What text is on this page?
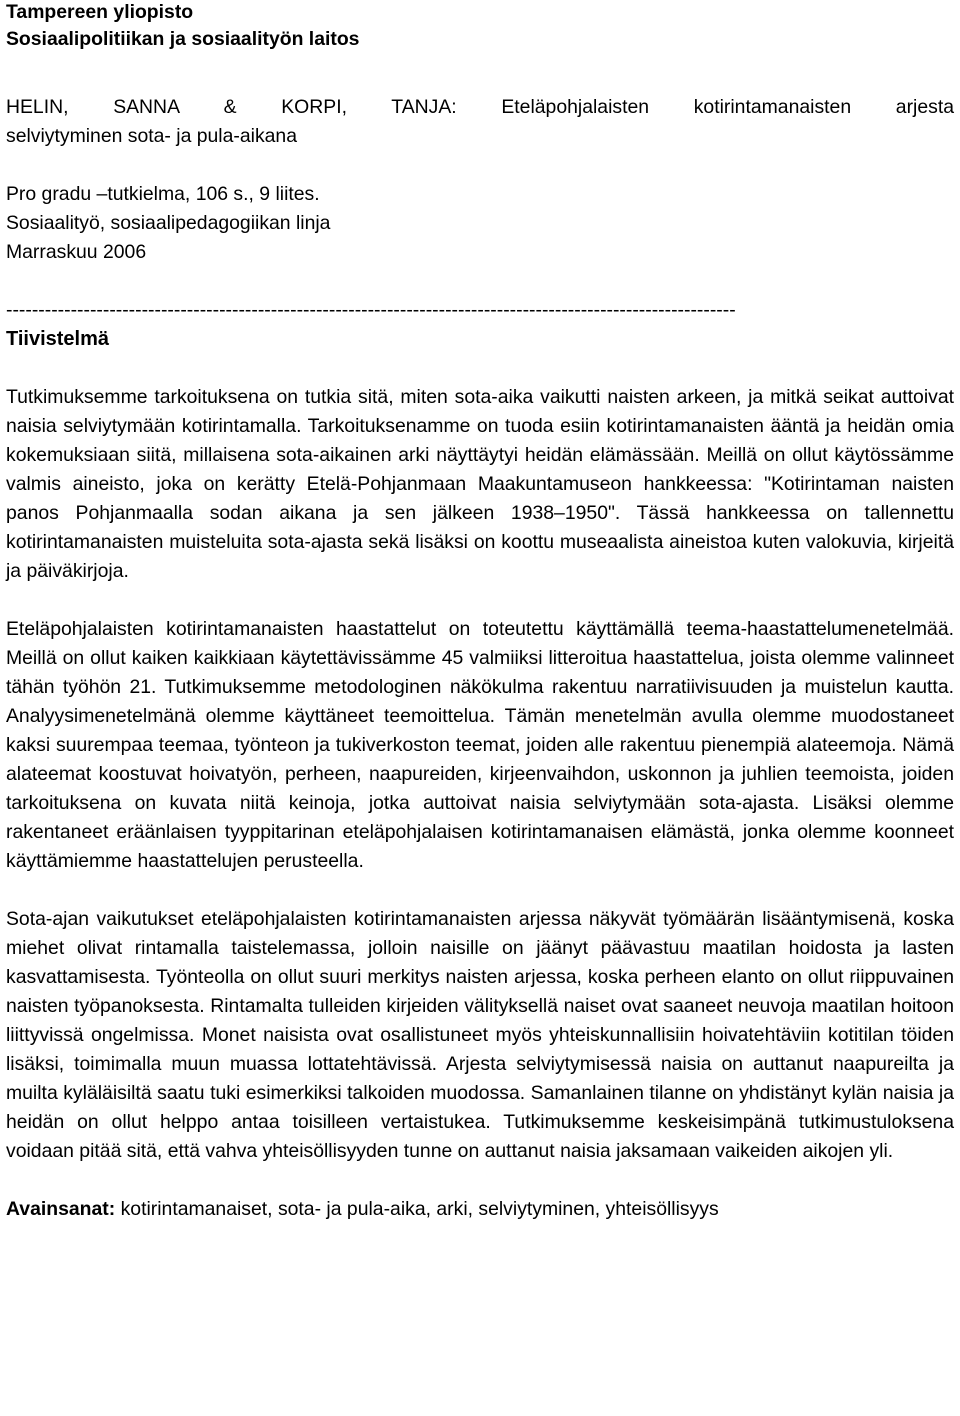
Tampereen yliopisto
Sosiaalipolitiikan ja sosiaalityön laitos
HELIN, SANNA & KORPI, TANJA: Eteläpohjalaisten kotirintamanaisten arjesta
selviytyminen sota- ja pula-aikana
Pro gradu –tutkielma, 106 s., 9 liites.
Sosiaalityö, sosiaalipedagogiikan linja
Marraskuu 2006
-----------------------------------------------------------------------------------------------------------------
Tiivistelmä

Tutkimuksemme tarkoituksena on tutkia sitä, miten sota-aika vaikutti naisten arkeen, ja mitkä seikat auttoivat naisia selviytymään kotirintamalla. Tarkoituksenamme on tuoda esiin kotirintamanaisten ääntä ja heidän omia kokemuksiaan siitä, millaisena sota-aikainen arki näyttäytyi heidän elämässään. Meillä on ollut käytössämme valmis aineisto, joka on kerätty Etelä-Pohjanmaan Maakuntamuseon hankkeessa: "Kotirintaman naisten panos Pohjanmaalla sodan aikana ja sen jälkeen 1938–1950". Tässä hankkeessa on tallennettu kotirintamanaisten muisteluita sota-ajasta sekä lisäksi on koottu museaalista aineistoa kuten valokuvia, kirjeitä ja päiväkirjoja.

Eteläpohjalaisten kotirintamanaisten haastattelut on toteutettu käyttämällä teema-haastattelumenetelmää. Meillä on ollut kaiken kaikkiaan käytettävissämme 45 valmiiksi litteroitua haastattelua, joista olemme valinneet tähän työhön 21. Tutkimuksemme metodologinen näkökulma rakentuu narratiivisuuden ja muistelun kautta. Analyysimenetelmänä olemme käyttäneet teemoittelua. Tämän menetelmän avulla olemme muodostaneet kaksi suurempaa teemaa, työnteon ja tukiverkoston teemat, joiden alle rakentuu pienempiä alateemoja. Nämä alateemat koostuvat hoivatyön, perheen, naapureiden, kirjeenvaihdon, uskonnon ja juhlien teemoista, joiden tarkoituksena on kuvata niitä keinoja, jotka auttoivat naisia selviytymään sota-ajasta. Lisäksi olemme rakentaneet eräänlaisen tyyppitarinan eteläpohjalaisen kotirintamanaisen elämästä, jonka olemme koonneet käyttämiemme haastattelujen perusteella.

Sota-ajan vaikutukset eteläpohjalaisten kotirintamanaisten arjessa näkyvät työmäärän lisääntymisenä, koska miehet olivat rintamalla taistelemassa, jolloin naisille on jäänyt päävastuu maatilan hoidosta ja lasten kasvattamisesta. Työnteolla on ollut suuri merkitys naisten arjessa, koska perheen elanto on ollut riippuvainen naisten työpanoksesta. Rintamalta tulleiden kirjeiden välityksellä naiset ovat saaneet neuvoja maatilan hoitoon liittyvissä ongelmissa. Monet naisista ovat osallistuneet myös yhteiskunnallisiin hoivatehtäviin kotitilan töiden lisäksi, toimimalla muun muassa lottatehtävissä. Arjesta selviytymisessä naisia on auttanut naapureilta ja muilta kyläläisiltä saatu tuki esimerkiksi talkoiden muodossa. Samanlainen tilanne on yhdistänyt kylän naisia ja heidän on ollut helppo antaa toisilleen vertaistukea. Tutkimuksemme keskeisimpänä tutkimustuloksena voidaan pitää sitä, että vahva yhteisöllisyyden tunne on auttanut naisia jaksamaan vaikeiden aikojen yli.

Avainsanat: kotirintamanaiset, sota- ja pula-aika, arki, selviytyminen, yhteisöllisyys
